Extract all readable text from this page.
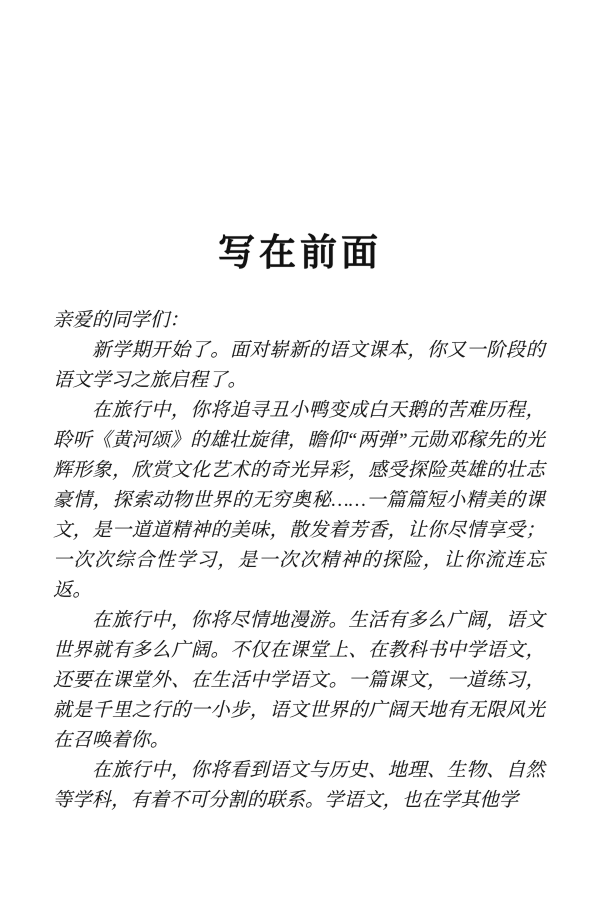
写在前面

亲爱的同学们：

新学期开始了。面对崭新的语文课本，你又一阶段的语文学习之旅启程了。

在旅行中，你将追寻丑小鸭变成白天鹅的苦难历程，聆听《黄河颂》的雄壮旋律，瞻仰“两弹”元勋邓稼先的光辉形象，欣赏文化艺术的奇光异彩，感受探险英雄的壮志豪情，探索动物世界的无穷奥秘……一篇篇短小精美的课文，是一道道精神的美味，散发着芳香，让你尽情享受；一次次综合性学习，是一次次精神的探险，让你流连忘返。

在旅行中，你将尽情地漫游。生活有多么广阔，语文世界就有多么广阔。不仅在课堂上、在教科书中学语文，还要在课堂外、在生活中学语文。一篇课文，一道练习，就是千里之行的一小步，语文世界的广阔天地有无限风光在召唤着你。

在旅行中，你将看到语文与历史、地理、生物、自然等学科，有着不可分割的联系。学语文，也在学其他学
